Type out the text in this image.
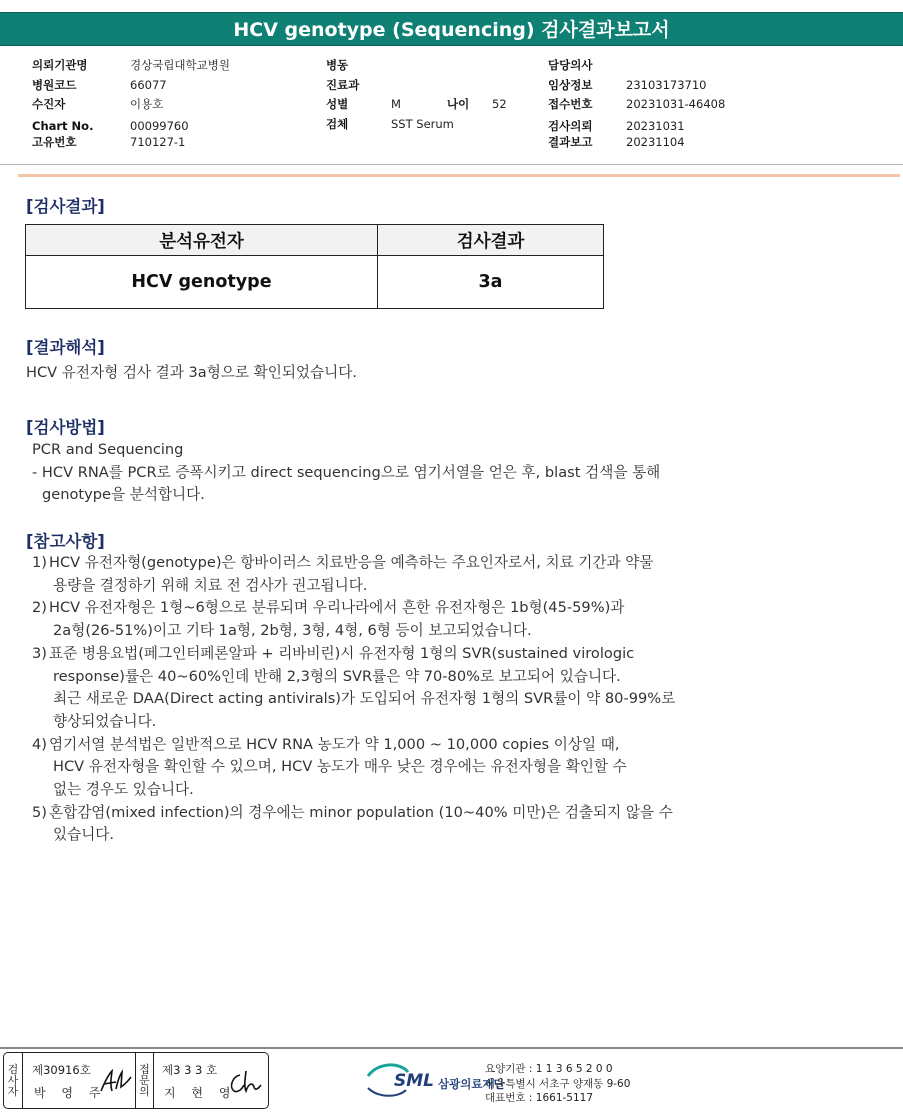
HCV genotype (Sequencing) 검사결과보고서
의뢰기관명	경상국립대학교병원
병원코드	66077
수진자	이용호
Chart No.	00099760
고유번호	710127-1
병동
진료과
성별	M	나이	52
검체	SST Serum
담당의사
임상정보	23103173710
접수번호	20231031-46408
검사의뢰	20231031
결과보고	20231104
[검사결과]
분석유전자	검사결과
HCV genotype	3a
[결과해석]
HCV 유전자형 검사 결과 3a형으로 확인되었습니다.
[검사방법]
PCR and Sequencing
- HCV RNA를 PCR로 증폭시키고 direct sequencing으로 염기서열을 얻은 후, blast 검색을 통해
genotype을 분석합니다.
[참고사항]
1) HCV 유전자형(genotype)은 항바이러스 치료반응을 예측하는 주요인자로서, 치료 기간과 약물
용량을 결정하기 위해 치료 전 검사가 권고됩니다.
2) HCV 유전자형은 1형~6형으로 분류되며 우리나라에서 흔한 유전자형은 1b형(45-59%)과
2a형(26-51%)이고 기타 1a형, 2b형, 3형, 4형, 6형 등이 보고되었습니다.
3) 표준 병용요법(페그인터페론알파 + 리바비린)시 유전자형 1형의 SVR(sustained virologic
response)률은 40~60%인데 반해 2,3형의 SVR률은 약 70-80%로 보고되어 있습니다.
최근 새로운 DAA(Direct acting antivirals)가 도입되어 유전자형 1형의 SVR률이 약 80-99%로
향상되었습니다.
4) 염기서열 분석법은 일반적으로 HCV RNA 농도가 약 1,000 ~ 10,000 copies 이상일 때,
HCV 유전자형을 확인할 수 있으며, HCV 농도가 매우 낮은 경우에는 유전자형을 확인할 수
없는 경우도 있습니다.
5) 혼합감염(mixed infection)의 경우에는 minor population (10~40% 미만)은 검출되지 않을 수
있습니다.
검
사
자
제30916호
박 영 주
접
문
의
제3 3 3 호
지 현 영
SML 삼광의료재단
요양기관 : 1 1 3 6 5 2 0 0
서울특별시 서초구 양재동 9-60
대표번호 : 1661-5117
